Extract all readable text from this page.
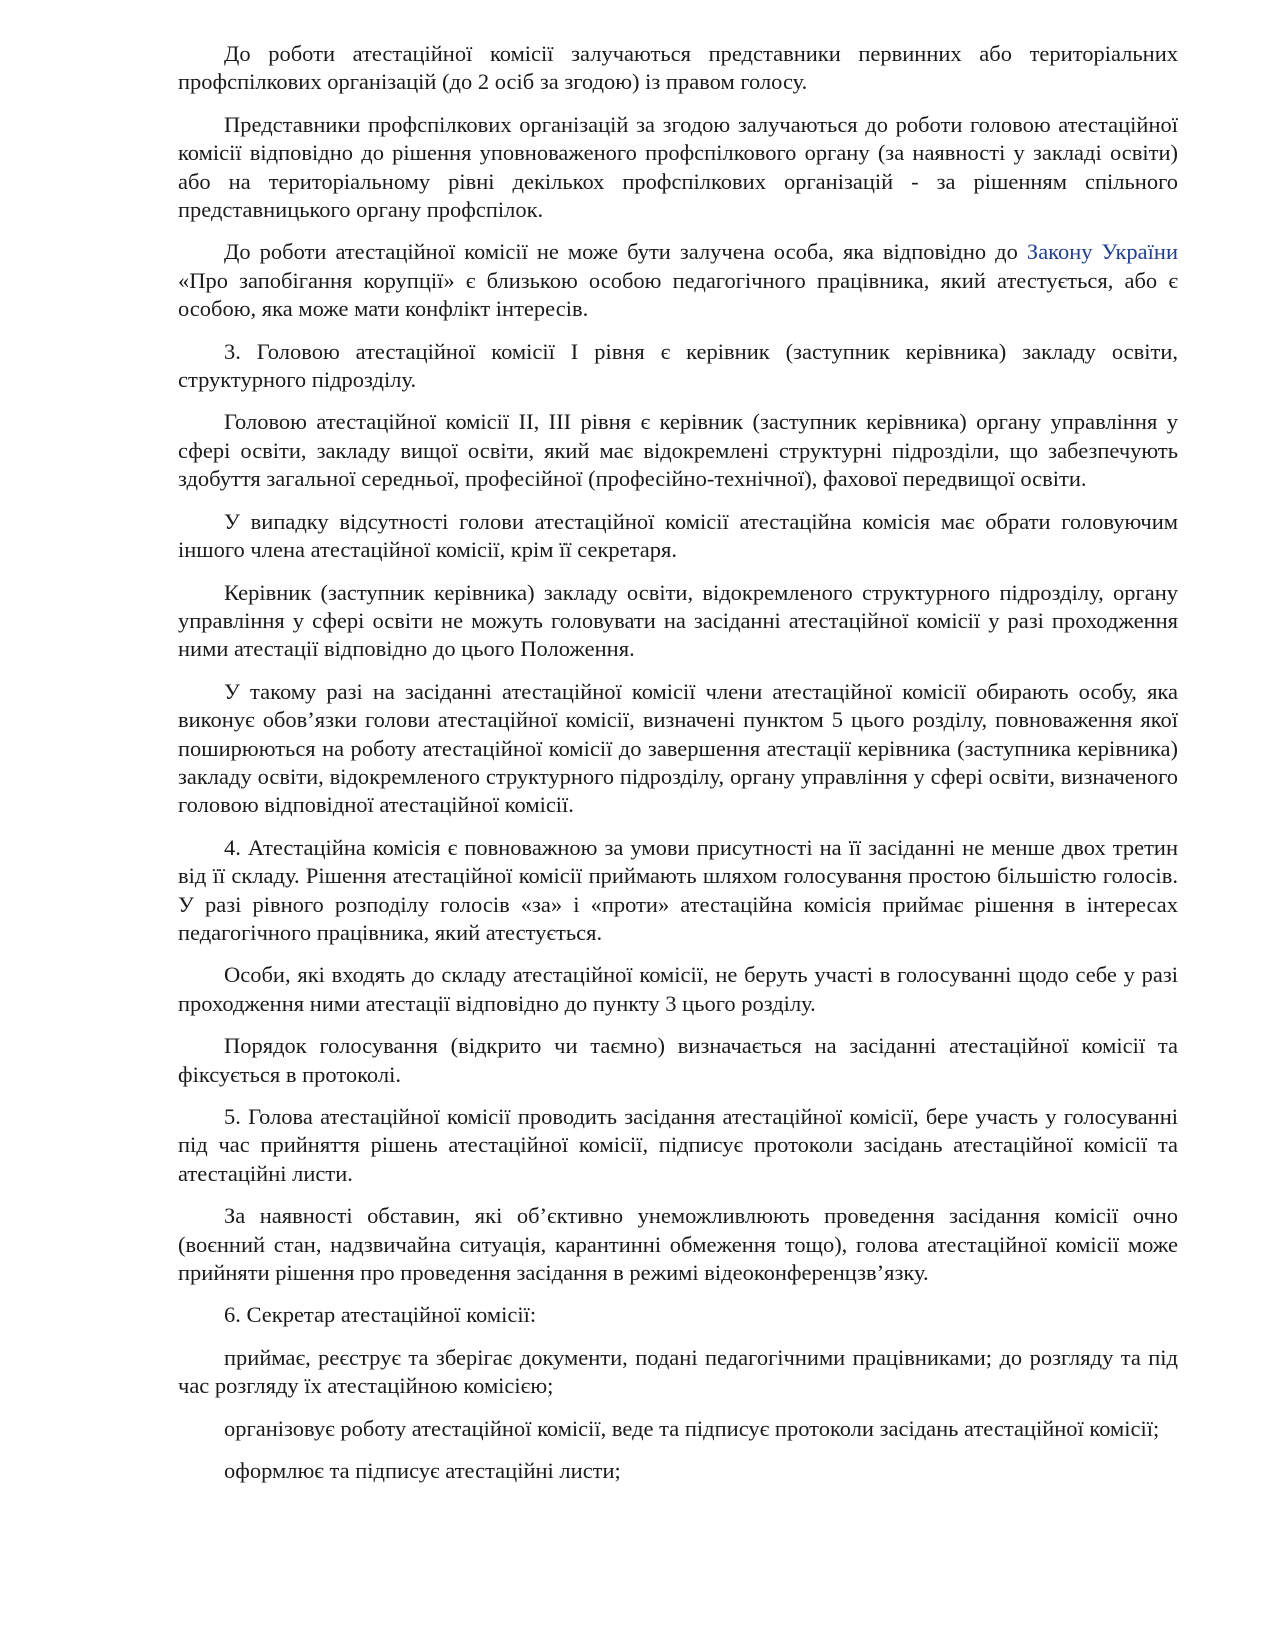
До роботи атестаційної комісії залучаються представники первинних або територіальних профспілкових організацій (до 2 осіб за згодою) із правом голосу.

Представники профспілкових організацій за згодою залучаються до роботи головою атестаційної комісії відповідно до рішення уповноваженого профспілкового органу (за наявності у закладі освіти) або на територіальному рівні декількох профспілкових організацій - за рішенням спільного представницького органу профспілок.

До роботи атестаційної комісії не може бути залучена особа, яка відповідно до Закону України «Про запобігання корупції» є близькою особою педагогічного працівника, який атестується, або є особою, яка може мати конфлікт інтересів.

3. Головою атестаційної комісії I рівня є керівник (заступник керівника) закладу освіти, структурного підрозділу.

Головою атестаційної комісії II, III рівня є керівник (заступник керівника) органу управління у сфері освіти, закладу вищої освіти, який має відокремлені структурні підрозділи, що забезпечують здобуття загальної середньої, професійної (професійно-технічної), фахової передвищої освіти.

У випадку відсутності голови атестаційної комісії атестаційна комісія має обрати головуючим іншого члена атестаційної комісії, крім її секретаря.

Керівник (заступник керівника) закладу освіти, відокремленого структурного підрозділу, органу управління у сфері освіти не можуть головувати на засіданні атестаційної комісії у разі проходження ними атестації відповідно до цього Положення.

У такому разі на засіданні атестаційної комісії члени атестаційної комісії обирають особу, яка виконує обов’язки голови атестаційної комісії, визначені пунктом 5 цього розділу, повноваження якої поширюються на роботу атестаційної комісії до завершення атестації керівника (заступника керівника) закладу освіти, відокремленого структурного підрозділу, органу управління у сфері освіти, визначеного головою відповідної атестаційної комісії.

4. Атестаційна комісія є повноважною за умови присутності на її засіданні не менше двох третин від її складу. Рішення атестаційної комісії приймають шляхом голосування простою більшістю голосів. У разі рівного розподілу голосів «за» і «проти» атестаційна комісія приймає рішення в інтересах педагогічного працівника, який атестується.

Особи, які входять до складу атестаційної комісії, не беруть участі в голосуванні щодо себе у разі проходження ними атестації відповідно до пункту 3 цього розділу.

Порядок голосування (відкрито чи таємно) визначається на засіданні атестаційної комісії та фіксується в протоколі.

5. Голова атестаційної комісії проводить засідання атестаційної комісії, бере участь у голосуванні під час прийняття рішень атестаційної комісії, підписує протоколи засідань атестаційної комісії та атестаційні листи.

За наявності обставин, які об’єктивно унеможливлюють проведення засідання комісії очно (воєнний стан, надзвичайна ситуація, карантинні обмеження тощо), голова атестаційної комісії може прийняти рішення про проведення засідання в режимі відеоконференцзв’язку.

6. Секретар атестаційної комісії:

приймає, реєструє та зберігає документи, подані педагогічними працівниками; до розгляду та під час розгляду їх атестаційною комісією;

організовує роботу атестаційної комісії, веде та підписує протоколи засідань атестаційної комісії;

оформлює та підписує атестаційні листи;
